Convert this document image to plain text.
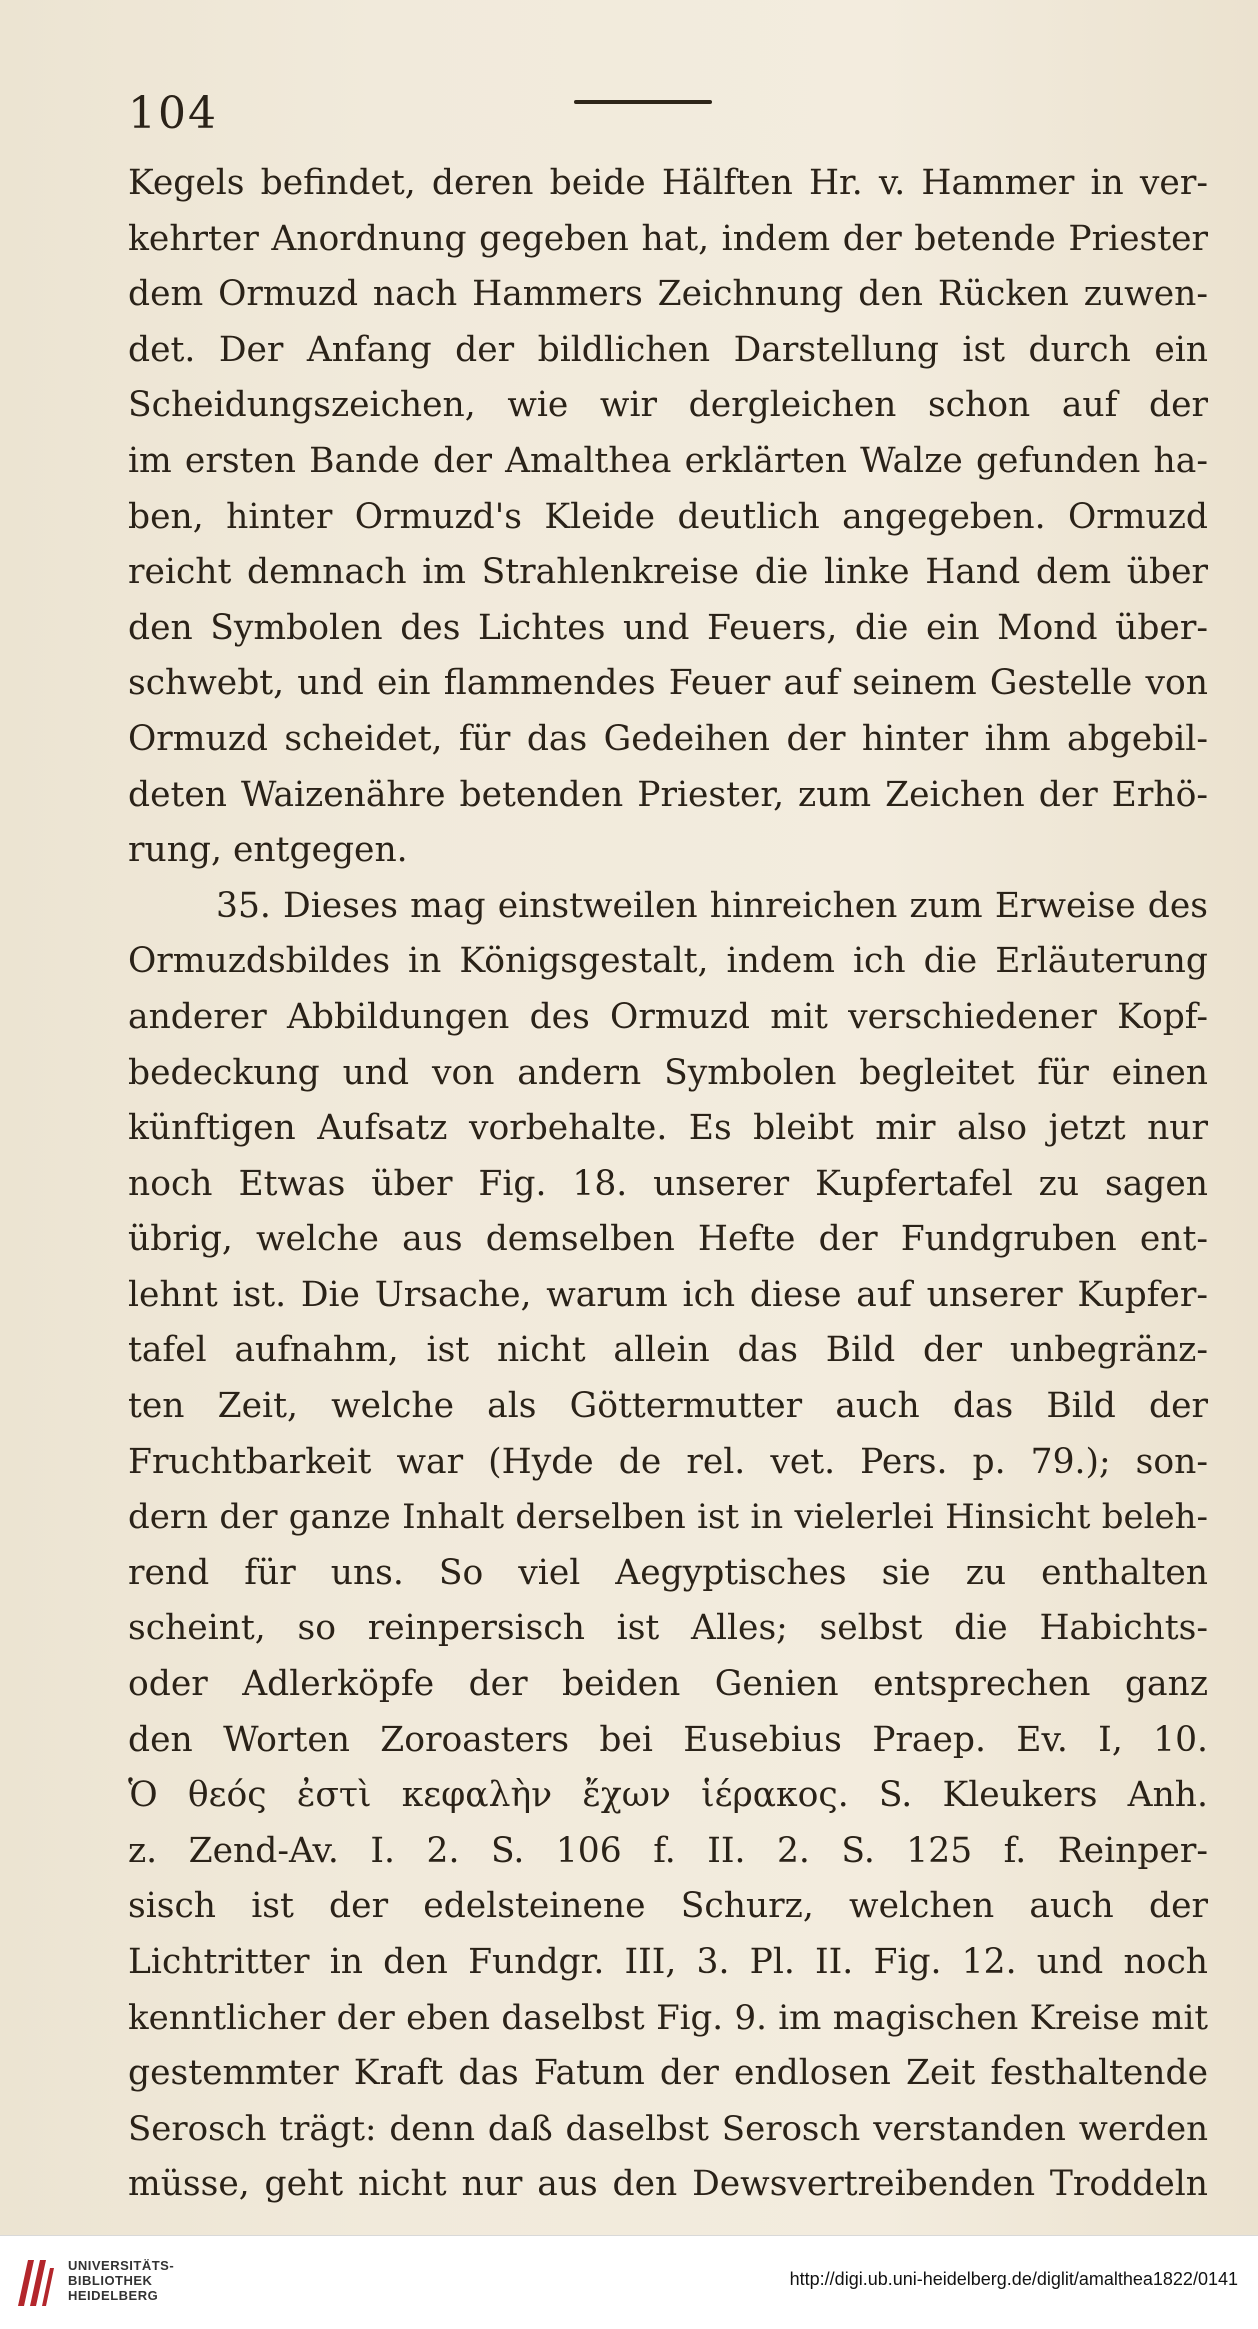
104
Kegels befindet, deren beide Hälften Hr. v. Hammer in ver-
kehrter Anordnung gegeben hat, indem der betende Priester
dem Ormuzd nach Hammers Zeichnung den Rücken zuwen-
det. Der Anfang der bildlichen Darstellung ist durch ein
Scheidungszeichen, wie wir dergleichen schon auf der
im ersten Bande der Amalthea erklärten Walze gefunden ha-
ben, hinter Ormuzd's Kleide deutlich angegeben. Ormuzd
reicht demnach im Strahlenkreise die linke Hand dem über
den Symbolen des Lichtes und Feuers, die ein Mond über-
schwebt, und ein flammendes Feuer auf seinem Gestelle von
Ormuzd scheidet, für das Gedeihen der hinter ihm abgebil-
deten Waizenähre betenden Priester, zum Zeichen der Erhö-
rung, entgegen.
35. Dieses mag einstweilen hinreichen zum Erweise des
Ormuzdsbildes in Königsgestalt, indem ich die Erläuterung
anderer Abbildungen des Ormuzd mit verschiedener Kopf-
bedeckung und von andern Symbolen begleitet für einen
künftigen Aufsatz vorbehalte. Es bleibt mir also jetzt nur
noch Etwas über Fig. 18. unserer Kupfertafel zu sagen
übrig, welche aus demselben Hefte der Fundgruben ent-
lehnt ist. Die Ursache, warum ich diese auf unserer Kupfer-
tafel aufnahm, ist nicht allein das Bild der unbegränz-
ten Zeit, welche als Göttermutter auch das Bild der
Fruchtbarkeit war (Hyde de rel. vet. Pers. p. 79.); son-
dern der ganze Inhalt derselben ist in vielerlei Hinsicht beleh-
rend für uns. So viel Aegyptisches sie zu enthalten
scheint, so reinpersisch ist Alles; selbst die Habichts-
oder Adlerköpfe der beiden Genien entsprechen ganz
den Worten Zoroasters bei Eusebius Praep. Ev. I, 10.
Ὁ θεός ἐστὶ κεφαλὴν ἔχων ἱέρακος. S. Kleukers Anh.
z. Zend-Av. I. 2. S. 106 f. II. 2. S. 125 f. Reinper-
sisch ist der edelsteinene Schurz, welchen auch der
Lichtritter in den Fundgr. III, 3. Pl. II. Fig. 12. und noch
kenntlicher der eben daselbst Fig. 9. im magischen Kreise mit
gestemmter Kraft das Fatum der endlosen Zeit festhaltende
Serosch trägt: denn daß daselbst Serosch verstanden werden
müsse, geht nicht nur aus den Dewsvertreibenden Troddeln
UNIVERSITÄTS-
BIBLIOTHEK
HEIDELBERG
http://digi.ub.uni-heidelberg.de/diglit/amalthea1822/0141
